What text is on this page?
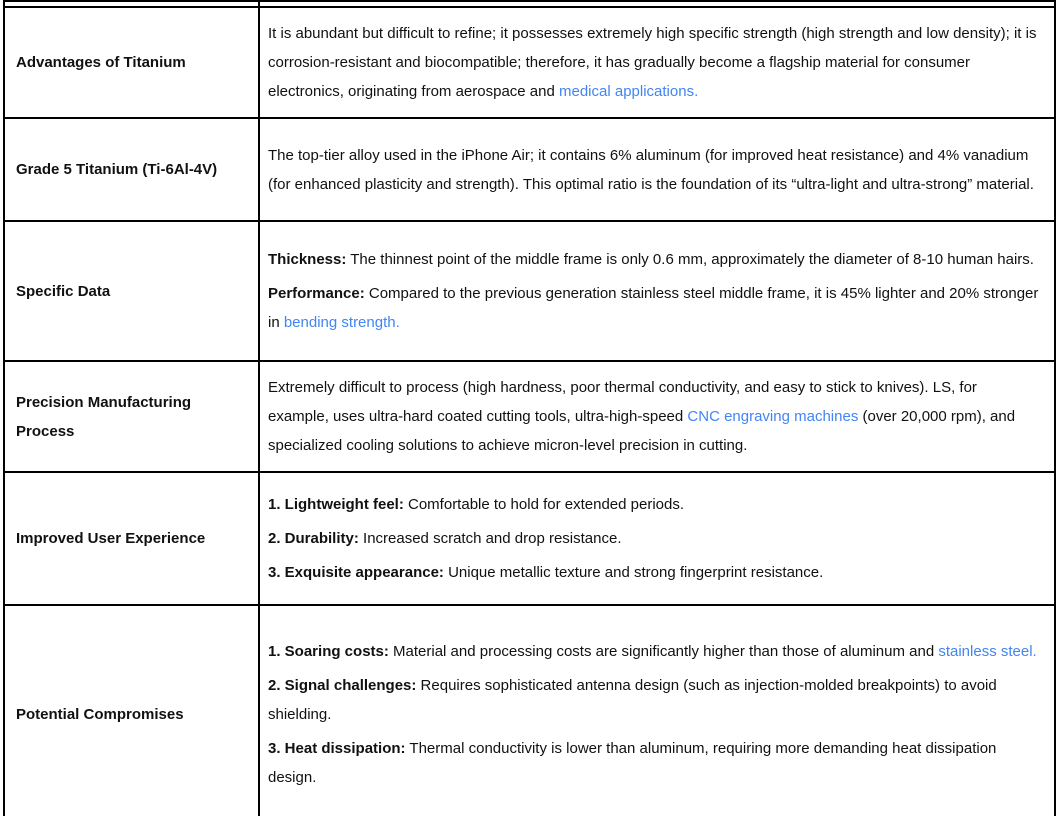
Advantages of Titanium	It is abundant but difficult to refine; it possesses extremely high specific strength (high strength and low density); it is corrosion-resistant and biocompatible; therefore, it has gradually become a flagship material for consumer electronics, originating from aerospace and medical applications.

Grade 5 Titanium (Ti-6Al-4V)	The top-tier alloy used in the iPhone Air; it contains 6% aluminum (for improved heat resistance) and 4% vanadium (for enhanced plasticity and strength). This optimal ratio is the foundation of its “ultra-light and ultra-strong” material.

Specific Data	Thickness: The thinnest point of the middle frame is only 0.6 mm, approximately the diameter of 8-10 human hairs.

Performance: Compared to the previous generation stainless steel middle frame, it is 45% lighter and 20% stronger in bending strength.

Precision Manufacturing Process	Extremely difficult to process (high hardness, poor thermal conductivity, and easy to stick to knives). LS, for example, uses ultra-hard coated cutting tools, ultra-high-speed CNC engraving machines (over 20,000 rpm), and specialized cooling solutions to achieve micron-level precision in cutting.

Improved User Experience	1. Lightweight feel: Comfortable to hold for extended periods.

2. Durability: Increased scratch and drop resistance.

3. Exquisite appearance: Unique metallic texture and strong fingerprint resistance.

Potential Compromises	1. Soaring costs: Material and processing costs are significantly higher than those of aluminum and stainless steel.

2. Signal challenges: Requires sophisticated antenna design (such as injection-molded breakpoints) to avoid shielding.

3. Heat dissipation: Thermal conductivity is lower than aluminum, requiring more demanding heat dissipation design.
